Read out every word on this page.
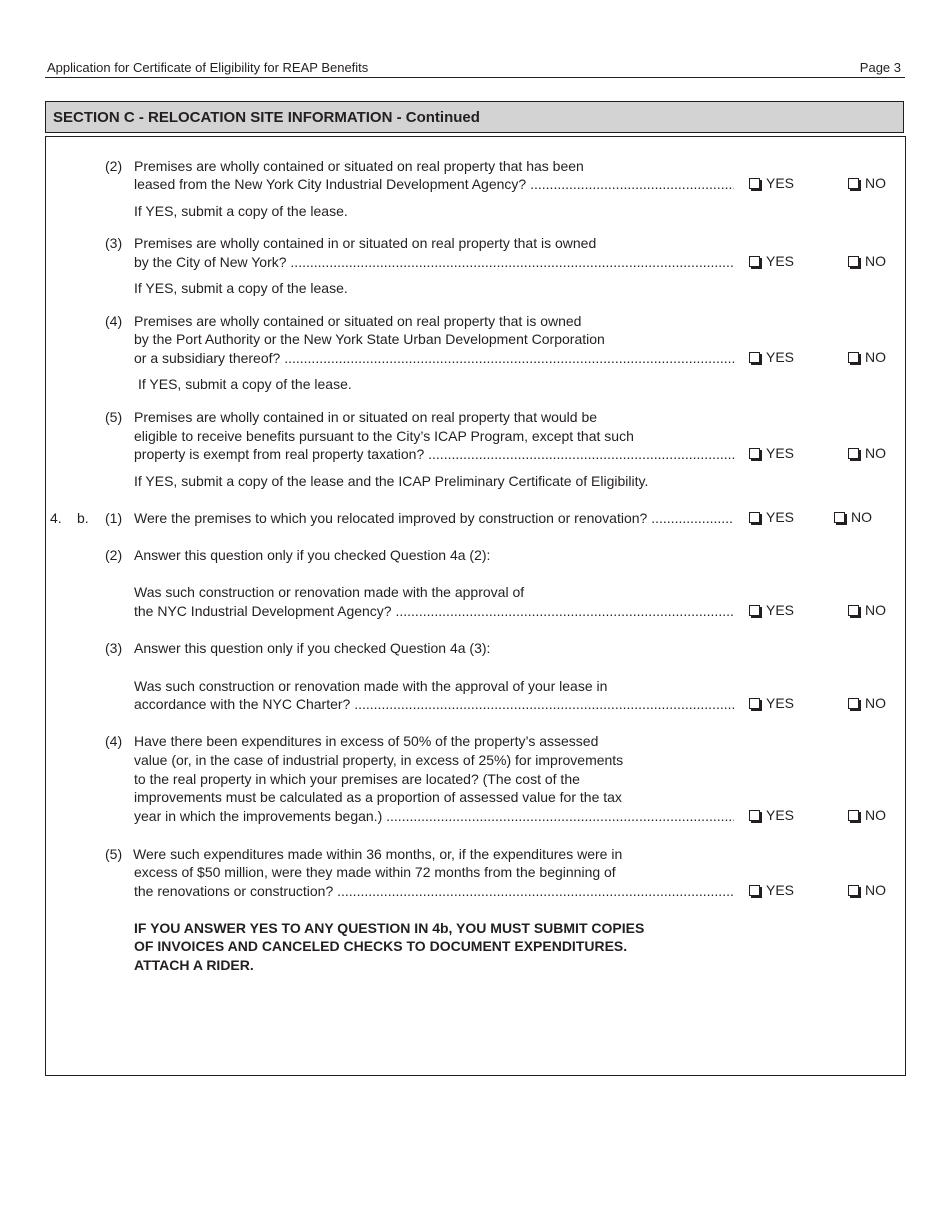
Application for Certificate of Eligibility for REAP Benefits	Page 3
SECTION C - RELOCATION SITE INFORMATION - Continued
(2) Premises are wholly contained or situated on real property that has been
leased from the New York City Industrial Development Agency? .....	YES	NO
If YES, submit a copy of the lease.
(3) Premises are wholly contained in or situated on real property that is owned
by the City of New York? .....	YES	NO
If YES, submit a copy of the lease.
(4) Premises are wholly contained or situated on real property that is owned
by the Port Authority or the New York State Urban Development Corporation
or a subsidiary thereof? .....	YES	NO
If YES, submit a copy of the lease.
(5) Premises are wholly contained in or situated on real property that would be
eligible to receive benefits pursuant to the City’s ICAP Program, except that such
property is exempt from real property taxation? .....	YES	NO
If YES, submit a copy of the lease and the ICAP Preliminary Certificate of Eligibility.
4. b. (1) Were the premises to which you relocated improved by construction or renovation? .....	YES	NO
(2) Answer this question only if you checked Question 4a (2):
Was such construction or renovation made with the approval of
the NYC Industrial Development Agency? .....	YES	NO
(3) Answer this question only if you checked Question 4a (3):
Was such construction or renovation made with the approval of your lease in
accordance with the NYC Charter? .....	YES	NO
(4) Have there been expenditures in excess of 50% of the property’s assessed
value (or, in the case of industrial property, in excess of 25%) for improvements
to the real property in which your premises are located? (The cost of the
improvements must be calculated as a proportion of assessed value for the tax
year in which the improvements began.) .....	YES	NO
(5) Were such expenditures made within 36 months, or, if the expenditures were in
excess of $50 million, were they made within 72 months from the beginning of
the renovations or construction? .....	YES	NO
IF YOU ANSWER YES TO ANY QUESTION IN 4b, YOU MUST SUBMIT COPIES
OF INVOICES AND CANCELED CHECKS TO DOCUMENT EXPENDITURES.
ATTACH A RIDER.
